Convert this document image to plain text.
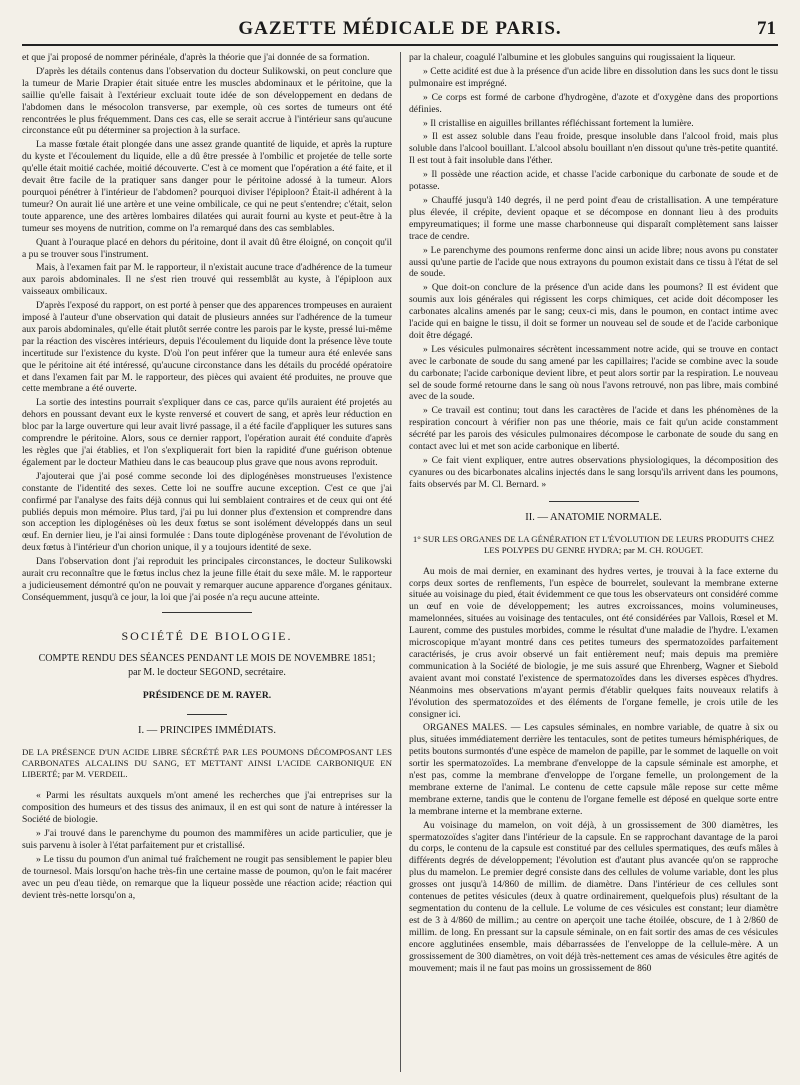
GAZETTE MÉDICALE DE PARIS.	71

et que j'ai proposé de nommer périnéale, d'après la théorie que j'ai donnée de sa formation.

D'après les détails contenus dans l'observation du docteur Sulikowski, on peut conclure que la tumeur de Marie Drapier était située entre les muscles abdominaux et le péritoine, que la saillie qu'elle faisait à l'extérieur excluait toute idée de son développement en dedans de l'abdomen dans le mésocolon transverse, par exemple, où ces sortes de tumeurs ont été rencontrées le plus fréquemment. Dans ces cas, elle se serait accrue à l'intérieur sans qu'aucune circonstance eût pu déterminer sa projection à la surface.

La masse fœtale était plongée dans une assez grande quantité de liquide, et après la rupture du kyste et l'écoulement du liquide, elle a dû être pressée à l'ombilic et projetée de telle sorte qu'elle était moitié cachée, moitié découverte. C'est à ce moment que l'opération a été faite, et il devait être facile de la pratiquer sans danger pour le péritoine adossé à la tumeur. Alors pourquoi pénétrer à l'intérieur de l'abdomen? pourquoi diviser l'épiploon? Était-il adhérent à la tumeur? On aurait lié une artère et une veine ombilicale, ce qui ne peut s'entendre; c'était, selon toute apparence, une des artères lombaires dilatées qui aurait fourni au kyste et peut-être à la tumeur ses moyens de nutrition, comme on l'a remarqué dans des cas semblables.

Quant à l'ouraque placé en dehors du péritoine, dont il avait dû être éloigné, on conçoit qu'il a pu se trouver sous l'instrument.

Mais, à l'examen fait par M. le rapporteur, il n'existait aucune trace d'adhérence de la tumeur aux parois abdominales. Il ne s'est rien trouvé qui ressemblât au kyste, à l'épiploon aux vaisseaux ombilicaux.

D'après l'exposé du rapport, on est porté à penser que des apparences trompeuses en auraient imposé à l'auteur d'une observation qui datait de plusieurs années sur l'adhérence de la tumeur aux parois abdominales, qu'elle était plutôt serrée contre les parois par le kyste, pressé lui-même par la réaction des viscères intérieurs, depuis l'écoulement du liquide dont la présence lève toute incertitude sur l'existence du kyste. D'où l'on peut inférer que la tumeur aura été enlevée sans que le péritoine ait été intéressé, qu'aucune circonstance dans les détails du procédé opératoire et dans l'examen fait par M. le rapporteur, des pièces qui avaient été produites, ne prouve que cette membrane a été ouverte.

La sortie des intestins pourrait s'expliquer dans ce cas, parce qu'ils auraient été projetés au dehors en poussant devant eux le kyste renversé et couvert de sang, et après leur réduction en bloc par la large ouverture qui leur avait livré passage, il a été facile d'appliquer les sutures sans comprendre le péritoine. Alors, sous ce dernier rapport, l'opération aurait été conduite d'après les règles que j'ai établies, et l'on s'expliquerait fort bien la rapidité d'une guérison obtenue également par le docteur Mathieu dans le cas beaucoup plus grave que nous avons reproduit.

J'ajouterai que j'ai posé comme seconde loi des diplogénèses monstrueuses l'existence constante de l'identité des sexes. Cette loi ne souffre aucune exception. C'est ce que j'ai confirmé par l'analyse des faits déjà connus qui lui semblaient contraires et de ceux qui ont été publiés depuis mon mémoire. Plus tard, j'ai pu lui donner plus d'extension et comprendre dans son acception les diplogénèses où les deux fœtus se sont isolément développés dans un seul œuf. En dernier lieu, je l'ai ainsi formulée : Dans toute diplogénèse provenant de l'évolution de deux fœtus à l'intérieur d'un chorion unique, il y a toujours identité de sexe.

Dans l'observation dont j'ai reproduit les principales circonstances, le docteur Sulikowski aurait cru reconnaître que le fœtus inclus chez la jeune fille était du sexe mâle. M. le rapporteur a judicieusement démontré qu'on ne pouvait y remarquer aucune apparence d'organes génitaux. Conséquemment, jusqu'à ce jour, la loi que j'ai posée n'a reçu aucune atteinte.

SOCIÉTÉ DE BIOLOGIE.

COMPTE RENDU DES SÉANCES PENDANT LE MOIS DE NOVEMBRE 1851;

par M. le docteur SEGOND, secrétaire.

PRÉSIDENCE DE M. RAYER.

I. — PRINCIPES IMMÉDIATS.

DE LA PRÉSENCE D'UN ACIDE LIBRE SÉCRÉTÉ PAR LES POUMONS DÉCOMPOSANT LES CARBONATES ALCALINS DU SANG, ET METTANT AINSI L'ACIDE CARBONIQUE EN LIBERTÉ; par M. VERDEIL.

« Parmi les résultats auxquels m'ont amené les recherches que j'ai entreprises sur la composition des humeurs et des tissus des animaux, il en est qui sont de nature à intéresser la Société de biologie.

» J'ai trouvé dans le parenchyme du poumon des mammifères un acide particulier, que je suis parvenu à isoler à l'état parfaitement pur et cristallisé.

» Le tissu du poumon d'un animal tué fraîchement ne rougit pas sensiblement le papier bleu de tournesol. Mais lorsqu'on hache très-fin une certaine masse de poumon, qu'on le fait macérer avec un peu d'eau tiède, on remarque que la liqueur possède une réaction acide; réaction qui devient très-nette lorsqu'on a,

par la chaleur, coagulé l'albumine et les globules sanguins qui rougissaient la liqueur.

» Cette acidité est due à la présence d'un acide libre en dissolution dans les sucs dont le tissu pulmonaire est imprégné.

» Ce corps est formé de carbone d'hydrogène, d'azote et d'oxygène dans des proportions définies.

» Il cristallise en aiguilles brillantes réfléchissant fortement la lumière.

» Il est assez soluble dans l'eau froide, presque insoluble dans l'alcool froid, mais plus soluble dans l'alcool bouillant. L'alcool absolu bouillant n'en dissout qu'une très-petite quantité. Il est tout à fait insoluble dans l'éther.

» Il possède une réaction acide, et chasse l'acide carbonique du carbonate de soude et de potasse.

» Chauffé jusqu'à 140 degrés, il ne perd point d'eau de cristallisation. A une température plus élevée, il crépite, devient opaque et se décompose en donnant lieu à des produits empyreumatiques; il forme une masse charbonneuse qui disparaît complètement sans laisser trace de cendre.

» Le parenchyme des poumons renferme donc ainsi un acide libre; nous avons pu constater aussi qu'une partie de l'acide que nous extrayons du poumon existait dans ce tissu à l'état de sel de soude.

» Que doit-on conclure de la présence d'un acide dans les poumons? Il est évident que soumis aux lois générales qui régissent les corps chimiques, cet acide doit décomposer les carbonates alcalins amenés par le sang; ceux-ci mis, dans le poumon, en contact intime avec l'acide qui en baigne le tissu, il doit se former un nouveau sel de soude et de l'acide carbonique doit être dégagé.

» Les vésicules pulmonaires sécrètent incessamment notre acide, qui se trouve en contact avec le carbonate de soude du sang amené par les capillaires; l'acide se combine avec la soude du carbonate; l'acide carbonique devient libre, et peut alors sortir par la respiration. Le nouveau sel de soude formé retourne dans le sang où nous l'avons retrouvé, non pas libre, mais combiné avec de la soude.

» Ce travail est continu; tout dans les caractères de l'acide et dans les phénomènes de la respiration concourt à vérifier non pas une théorie, mais ce fait qu'un acide constamment sécrété par les parois des vésicules pulmonaires décompose le carbonate de soude du sang en contact avec lui et met son acide carbonique en liberté.

» Ce fait vient expliquer, entre autres observations physiologiques, la décomposition des cyanures ou des bicarbonates alcalins injectés dans le sang lorsqu'ils arrivent dans les poumons, faits observés par M. Cl. Bernard. »

II. — ANATOMIE NORMALE.

1° SUR LES ORGANES DE LA GÉNÉRATION ET L'ÉVOLUTION DE LEURS PRODUITS CHEZ LES POLYPES DU GENRE HYDRA; par M. CH. ROUGET.

Au mois de mai dernier, en examinant des hydres vertes, je trouvai à la face externe du corps deux sortes de renflements, l'un espèce de bourrelet, soulevant la membrane externe située au voisinage du pied, était évidemment ce que tous les observateurs ont considéré comme un œuf en voie de développement; les autres excroissances, moins volumineuses, mamelonnées, situées au voisinage des tentacules, ont été considérées par Vallois, Rœsel et M. Laurent, comme des pustules morbides, comme le résultat d'une maladie de l'hydre. L'examen microscopique m'ayant montré dans ces petites tumeurs des spermatozoïdes parfaitement caractérisés, je crus avoir observé un fait entièrement neuf; mais depuis ma première communication à la Société de biologie, je me suis assuré que Ehrenberg, Wagner et Siebold avaient avant moi constaté l'existence de spermatozoïdes dans les diverses espèces d'hydres. Néanmoins mes observations m'ayant permis d'établir quelques faits nouveaux relatifs à l'évolution des spermatozoïdes et des éléments de l'organe femelle, je crois utile de les consigner ici.

ORGANES MALES. — Les capsules séminales, en nombre variable, de quatre à six ou plus, situées immédiatement derrière les tentacules, sont de petites tumeurs hémisphériques, de petits boutons surmontés d'une espèce de mamelon de papille, par le sommet de laquelle on voit sortir les spermatozoïdes. La membrane d'enveloppe de la capsule séminale est amorphe, et n'est pas, comme la membrane d'enveloppe de l'organe femelle, un prolongement de la membrane externe de l'animal. Le contenu de cette capsule mâle repose sur cette même membrane externe, tandis que le contenu de l'organe femelle est déposé en quelque sorte entre la membrane interne et la membrane externe.

Au voisinage du mamelon, on voit déjà, à un grossissement de 300 diamètres, les spermatozoïdes s'agiter dans l'intérieur de la capsule. En se rapprochant davantage de la paroi du corps, le contenu de la capsule est constitué par des cellules spermatiques, des œufs mâles à différents degrés de développement; l'évolution est d'autant plus avancée qu'on se rapproche plus du mamelon. Le premier degré consiste dans des cellules de volume variable, dont les plus grosses ont jusqu'à 14/860 de millim. de diamètre. Dans l'intérieur de ces cellules sont contenues de petites vésicules (deux à quatre ordinairement, quelquefois plus) résultant de la segmentation du contenu de la cellule. Le volume de ces vésicules est constant; leur diamètre est de 3 à 4/860 de millim.; au centre on aperçoit une tache étoilée, obscure, de 1 à 2/860 de millim. de long. En pressant sur la capsule séminale, on en fait sortir des amas de ces vésicules encore agglutinées ensemble, mais débarrassées de l'enveloppe de la cellule-mère. A un grossissement de 300 diamètres, on voit déjà très-nettement ces amas de vésicules être agités de mouvement; mais il ne faut pas moins un grossissement de 860
